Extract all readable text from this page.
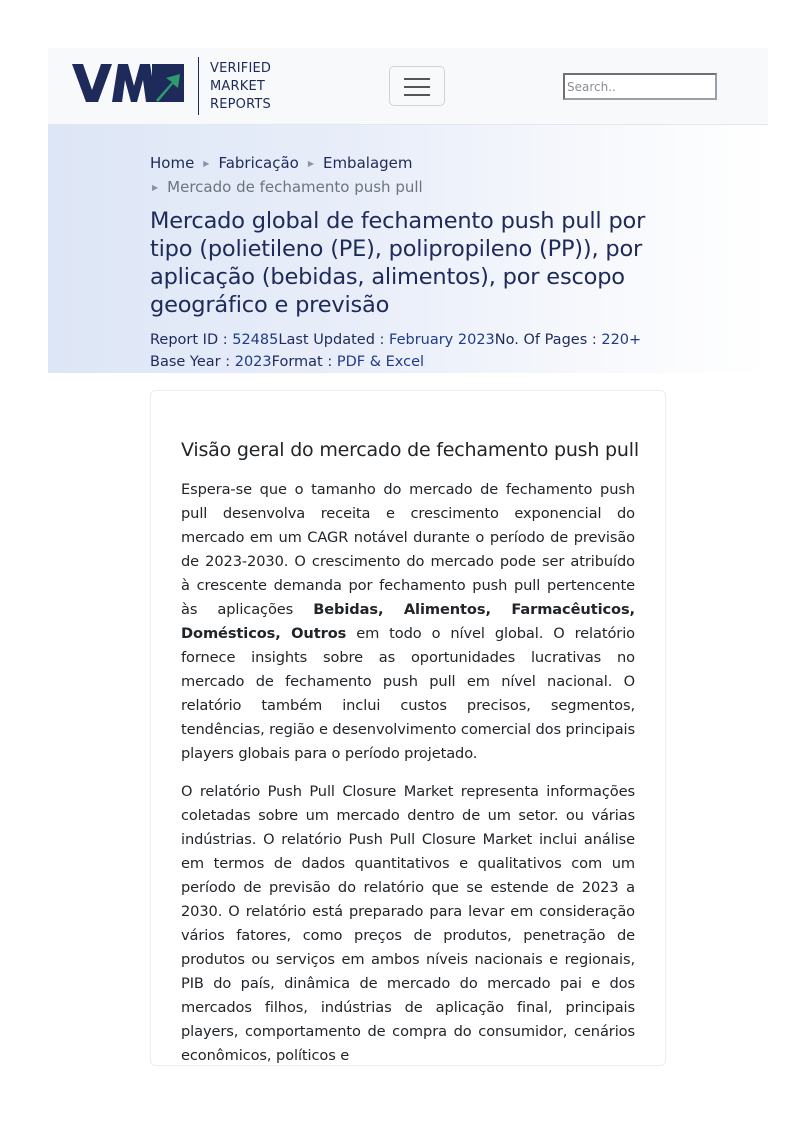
VERIFIED
MARKET
REPORTS
Search..
Home ▶ Fabricação ▶ Embalagem
▶ Mercado de fechamento push pull
Mercado global de fechamento push pull por tipo (polietileno (PE), polipropileno (PP)), por aplicação (bebidas, alimentos), por escopo geográfico e previsão
Report ID : 52485Last Updated : February 2023No. Of Pages : 220+
Base Year : 2023Format : PDF & Excel
Visão geral do mercado de fechamento push pull

Espera-se que o tamanho do mercado de fechamento push pull desenvolva receita e crescimento exponencial do mercado em um CAGR notável durante o período de previsão de 2023-2030. O crescimento do mercado pode ser atribuído à crescente demanda por fechamento push pull pertencente às aplicações Bebidas, Alimentos, Farmacêuticos, Domésticos, Outros em todo o nível global. O relatório fornece insights sobre as oportunidades lucrativas no mercado de fechamento push pull em nível nacional. O relatório também inclui custos precisos, segmentos, tendências, região e desenvolvimento comercial dos principais players globais para o período projetado.

O relatório Push Pull Closure Market representa informações coletadas sobre um mercado dentro de um setor. ou várias indústrias. O relatório Push Pull Closure Market inclui análise em termos de dados quantitativos e qualitativos com um período de previsão do relatório que se estende de 2023 a 2030. O relatório está preparado para levar em consideração vários fatores, como preços de produtos, penetração de produtos ou serviços em ambos níveis nacionais e regionais, PIB do país, dinâmica de mercado do mercado pai e dos mercados filhos, indústrias de aplicação final, principais players, comportamento de compra do consumidor, cenários econômicos, políticos e
